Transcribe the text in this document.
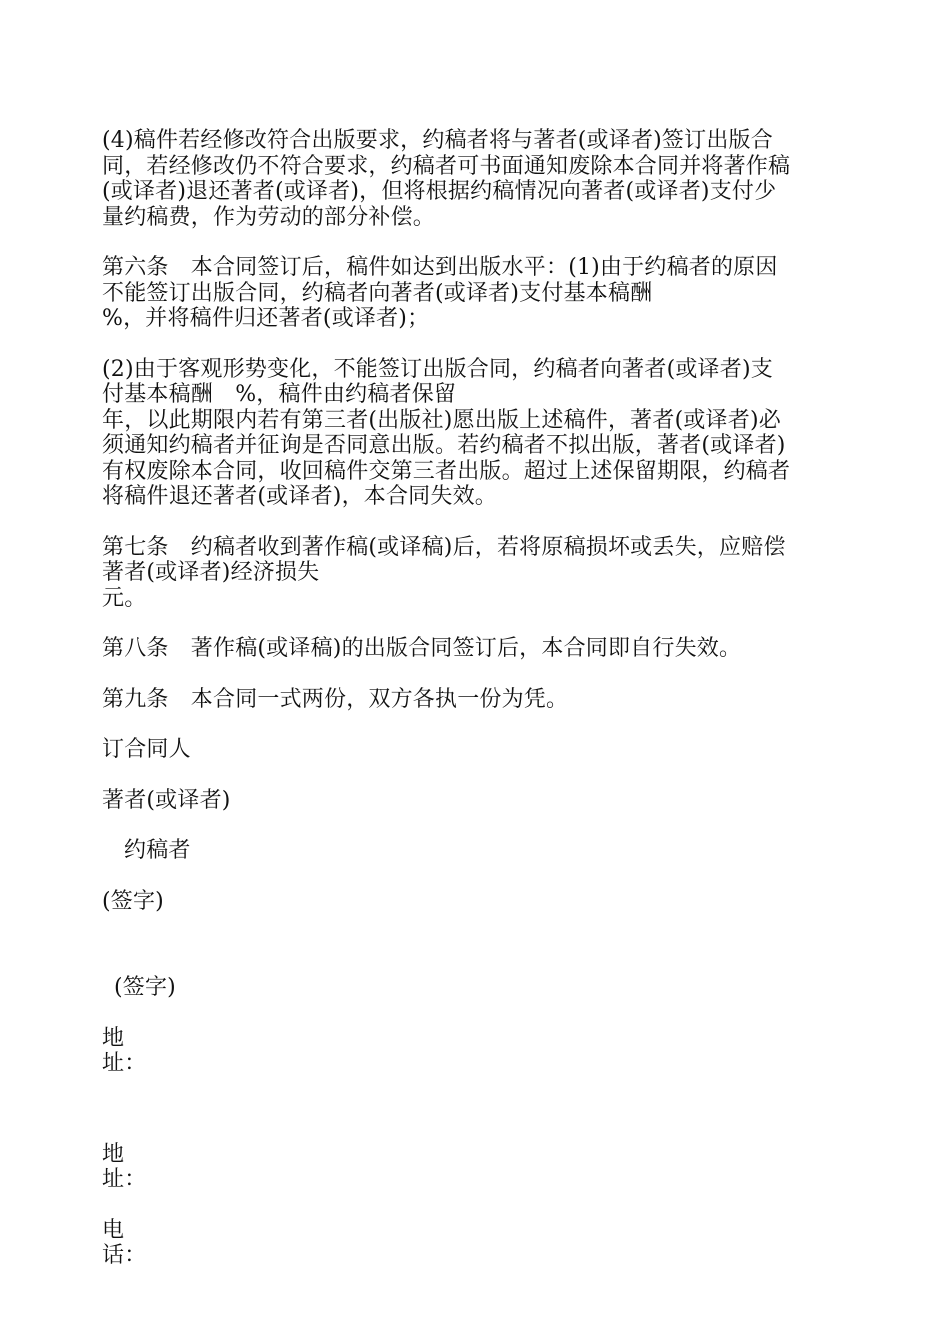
(4)稿件若经修改符合出版要求，约稿者将与著者(或译者)签订出版合
同，若经修改仍不符合要求，约稿者可书面通知废除本合同并将著作稿
(或译者)退还著者(或译者)，但将根据约稿情况向著者(或译者)支付少
量约稿费，作为劳动的部分补偿。
第六条　本合同签订后，稿件如达到出版水平：(1)由于约稿者的原因
不能签订出版合同，约稿者向著者(或译者)支付基本稿酬
%，并将稿件归还著者(或译者)；
(2)由于客观形势变化，不能签订出版合同，约稿者向著者(或译者)支
付基本稿酬　%，稿件由约稿者保留
年，以此期限内若有第三者(出版社)愿出版上述稿件，著者(或译者)必
须通知约稿者并征询是否同意出版。若约稿者不拟出版，著者(或译者)
有权废除本合同，收回稿件交第三者出版。超过上述保留期限，约稿者
将稿件退还著者(或译者)，本合同失效。
第七条　约稿者收到著作稿(或译稿)后，若将原稿损坏或丢失，应赔偿
著者(或译者)经济损失
元。
第八条　著作稿(或译稿)的出版合同签订后，本合同即自行失效。
第九条　本合同一式两份，双方各执一份为凭。
订合同人
著者(或译者)
约稿者
(签字)
(签字)
地
址：
地
址：
电
话：
